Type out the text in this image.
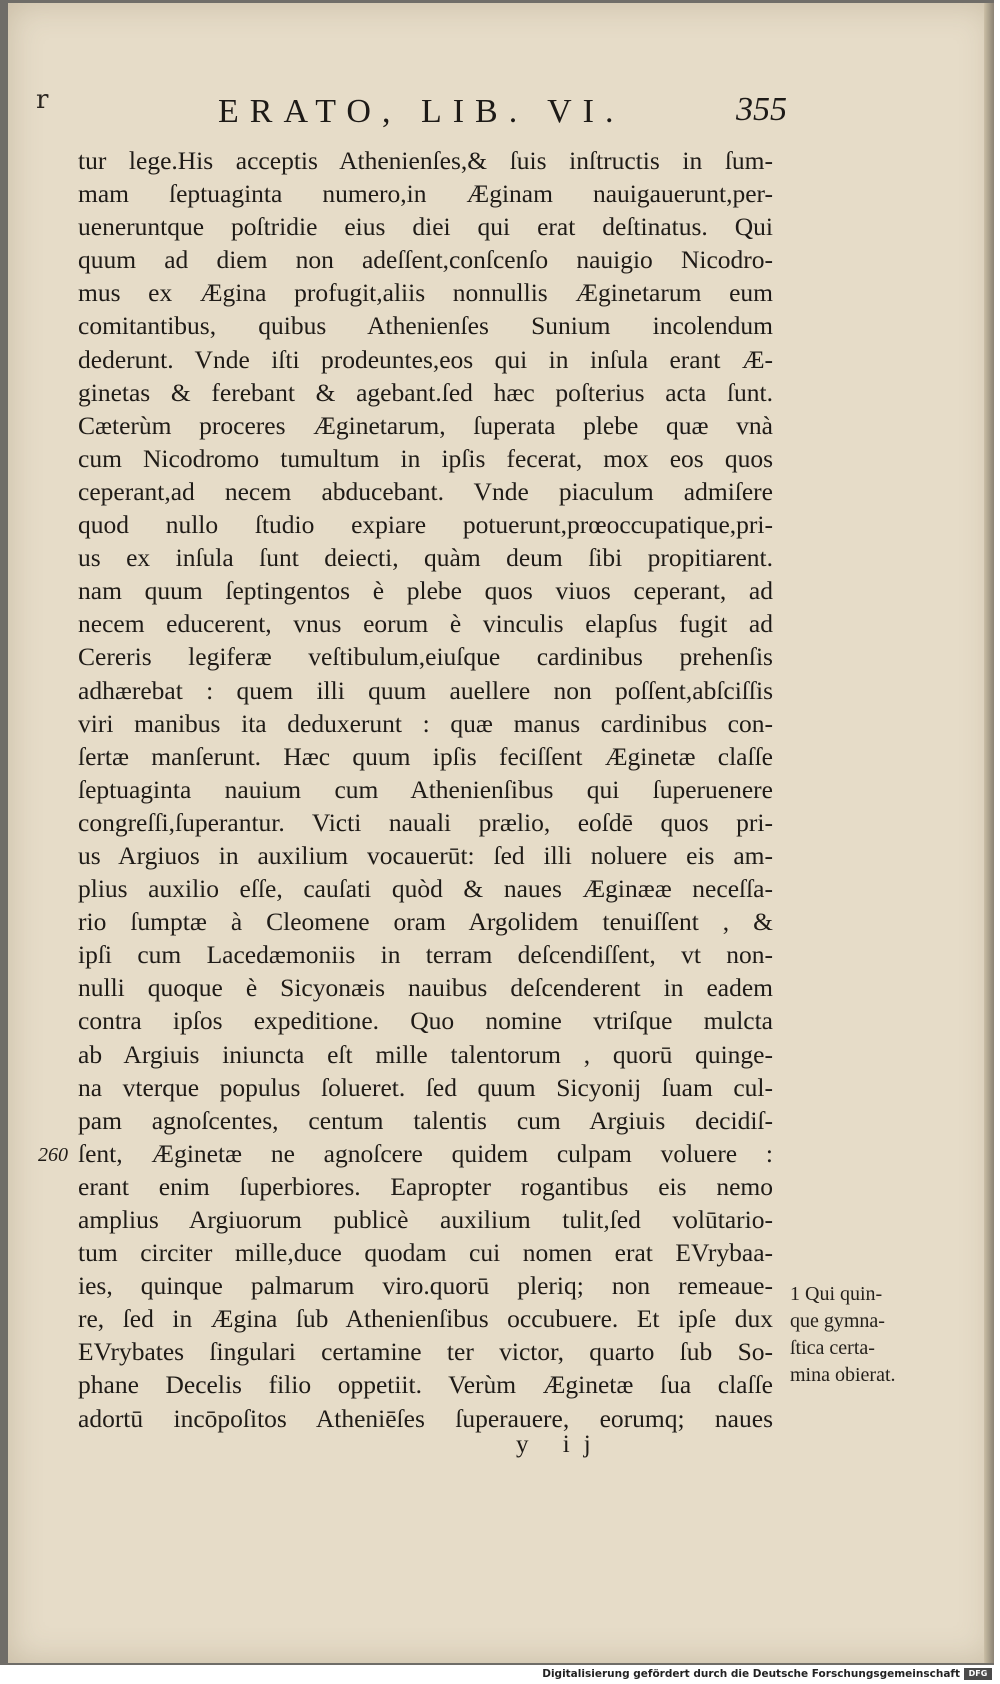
r	ERATO, LIB. VI.	355
tur lege.His acceptis Athenienſes,& ſuis inſtructis in ſum-
mam ſeptuaginta numero,in Æginam nauigauerunt,per-
ueneruntque poſtridie eius diei qui erat deſtinatus. Qui
quum ad diem non adeſſent,conſcenſo nauigio Nicodro-
mus ex Ægina profugit,aliis nonnullis Æginetarum eum
comitantibus, quibus Athenienſes Sunium incolendum
dederunt. Vnde iſti prodeuntes,eos qui in inſula erant Æ-
ginetas & ferebant & agebant.ſed hæc poſterius acta ſunt.
Cæterùm proceres Æginetarum, ſuperata plebe quæ vnà
cum Nicodromo tumultum in ipſis fecerat, mox eos quos
ceperant,ad necem abducebant. Vnde piaculum admiſere
quod nullo ſtudio expiare potuerunt,prœoccupatique,pri-
us ex inſula ſunt deiecti, quàm deum ſibi propitiarent.
nam quum ſeptingentos è plebe quos viuos ceperant, ad
necem educerent, vnus eorum è vinculis elapſus fugit ad
Cereris legiferæ veſtibulum,eiuſque cardinibus prehenſis
adhærebat : quem illi quum auellere non poſſent,abſciſſis
viri manibus ita deduxerunt : quæ manus cardinibus con-
ſertæ manſerunt. Hæc quum ipſis feciſſent Æginetæ claſſe
ſeptuaginta nauium cum Athenienſibus qui ſuperuenere
congreſſi,ſuperantur. Victi nauali prælio, eoſdē quos pri-
us Argiuos in auxilium vocauerūt: ſed illi noluere eis am-
plius auxilio eſſe, cauſati quòd & naues Æginææ neceſſa-
rio ſumptæ à Cleomene oram Argolidem tenuiſſent , &
ipſi cum Lacedæmoniis in terram deſcendiſſent, vt non-
nulli quoque è Sicyonæis nauibus deſcenderent in eadem
contra ipſos expeditione. Quo nomine vtriſque mulcta
ab Argiuis iniuncta eſt mille talentorum , quorū quinge-
na vterque populus ſolueret. ſed quum Sicyonij ſuam cul-
pam agnoſcentes, centum talentis cum Argiuis decidiſ-
ſent, Æginetæ ne agnoſcere quidem culpam voluere :
erant enim ſuperbiores. Eapropter rogantibus eis nemo
amplius Argiuorum publicè auxilium tulit,ſed volūtario-
tum circiter mille,duce quodam cui nomen erat EVrybaa-
ies, quinque palmarum viro.quorū pleriq; non remeaue-
re, ſed in Ægina ſub Athenienſibus occubuere. Et ipſe dux
EVrybates ſingulari certamine ter victor, quarto ſub So-
phane Decelis filio oppetiit. Verùm Æginetæ ſua claſſe
adortū incōpoſitos Atheniēſes ſuperauere, eorumq; naues
260
1 Qui quin-
que gymna-
ſtica certa-
mina obierat.
y ij
Digitalisierung gefördert durch die Deutsche Forschungsgemeinschaft	DFG
